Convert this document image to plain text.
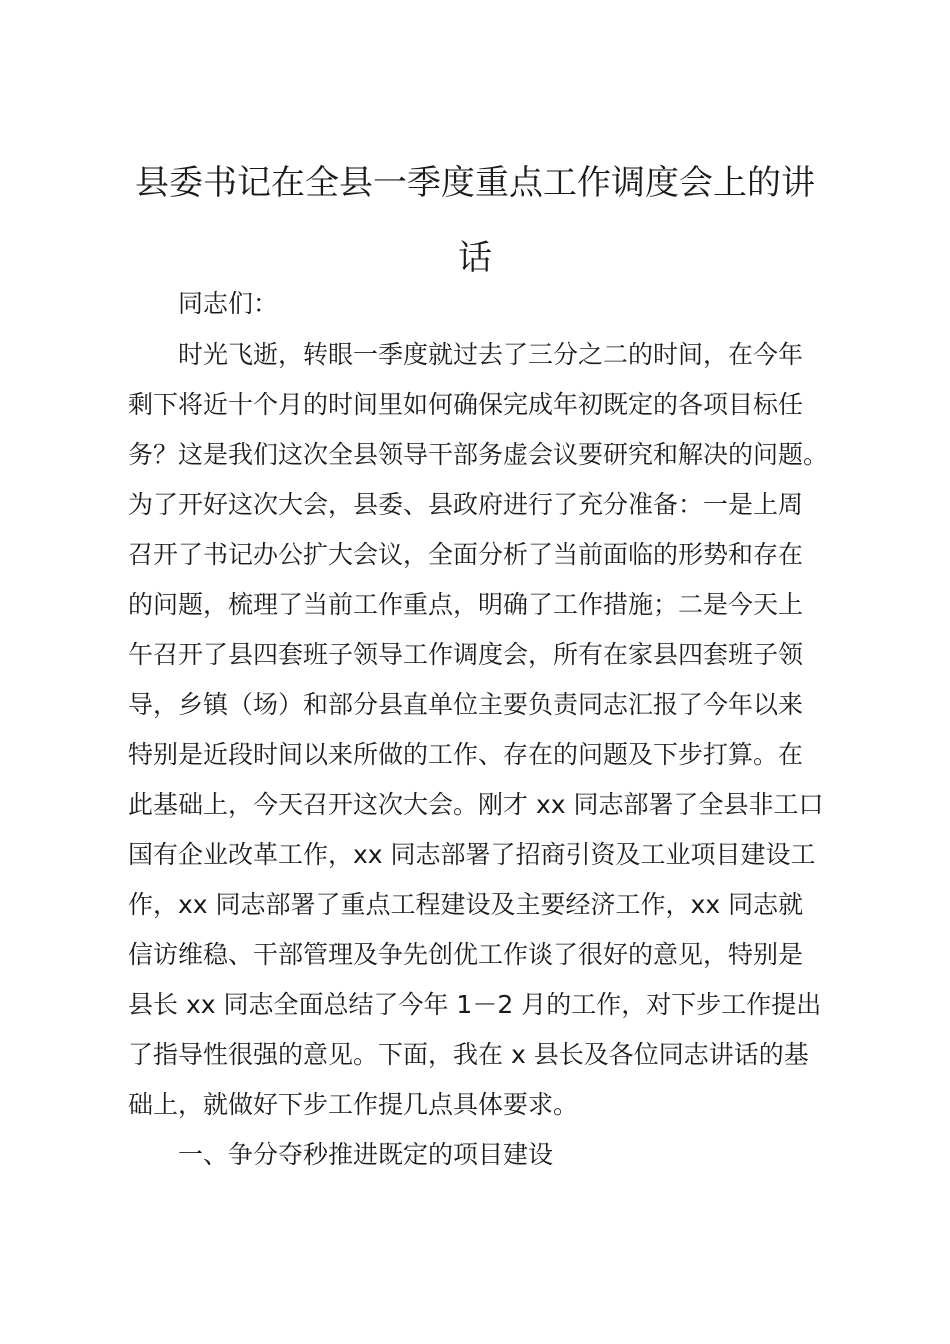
县委书记在全县一季度重点工作调度会上的讲
话

同志们：

时光飞逝，转眼一季度就过去了三分之二的时间，在今年

剩下将近十个月的时间里如何确保完成年初既定的各项目标任

务？这是我们这次全县领导干部务虚会议要研究和解决的问题。

为了开好这次大会，县委、县政府进行了充分准备：一是上周

召开了书记办公扩大会议，全面分析了当前面临的形势和存在

的问题，梳理了当前工作重点，明确了工作措施；二是今天上

午召开了县四套班子领导工作调度会，所有在家县四套班子领

导，乡镇（场）和部分县直单位主要负责同志汇报了今年以来

特别是近段时间以来所做的工作、存在的问题及下步打算。在

此基础上，今天召开这次大会。刚才 xx 同志部署了全县非工口

国有企业改革工作，xx 同志部署了招商引资及工业项目建设工

作，xx 同志部署了重点工程建设及主要经济工作，xx 同志就

信访维稳、干部管理及争先创优工作谈了很好的意见，特别是

县长 xx 同志全面总结了今年 1－2 月的工作，对下步工作提出

了指导性很强的意见。下面，我在 x 县长及各位同志讲话的基

础上，就做好下步工作提几点具体要求。

一、争分夺秒推进既定的项目建设
